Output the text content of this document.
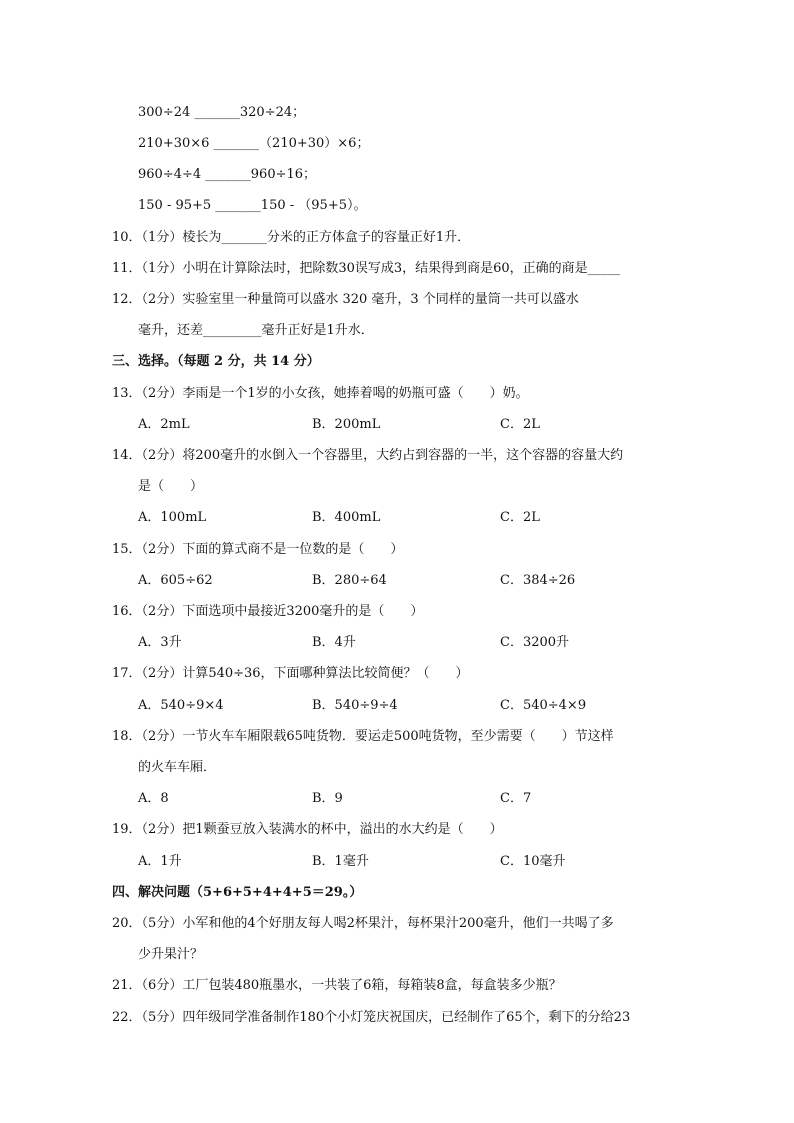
300÷24 _______320÷24；
210+30×6 _______（210+30）×6；
960÷4÷4 _______960÷16；
150 - 95+5 _______150 - （95+5）。
10．（1分）棱长为_______分米的正方体盒子的容量正好1升．
11．（1分）小明在计算除法时，把除数30误写成3，结果得到商是60，正确的商是_____
12．（2分）实验室里一种量筒可以盛水 320 毫升，3 个同样的量筒一共可以盛水
毫升，还差_________毫升正好是1升水．
三、选择。（每题 2 分，共 14 分）
13．（2分）李雨是一个1岁的小女孩，她捧着喝的奶瓶可盛（　　）奶。
A．2mL	B．200mL	C．2L
14．（2分）将200毫升的水倒入一个容器里，大约占到容器的一半，这个容器的容量大约
是（　　）
A．100mL	B．400mL	C．2L
15．（2分）下面的算式商不是一位数的是（　　）
A．605÷62	B．280÷64	C．384÷26
16．（2分）下面选项中最接近3200毫升的是（　　）
A．3升	B．4升	C．3200升
17．（2分）计算540÷36，下面哪种算法比较简便？（　　）
A．540÷9×4	B．540÷9÷4	C．540÷4×9
18．（2分）一节火车车厢限载65吨货物．要运走500吨货物，至少需要（　　）节这样
的火车车厢．
A．8	B．9	C．7
19．（2分）把1颗蚕豆放入装满水的杯中，溢出的水大约是（　　）
A．1升	B．1毫升	C．10毫升
四、解决问题（5+6+5+4+4+5＝29。）
20．（5分）小军和他的4个好朋友每人喝2杯果汁，每杯果汁200毫升，他们一共喝了多
少升果汁？
21．（6分）工厂包装480瓶墨水，一共装了6箱，每箱装8盒，每盒装多少瓶？
22．（5分）四年级同学准备制作180个小灯笼庆祝国庆，已经制作了65个，剩下的分给23
